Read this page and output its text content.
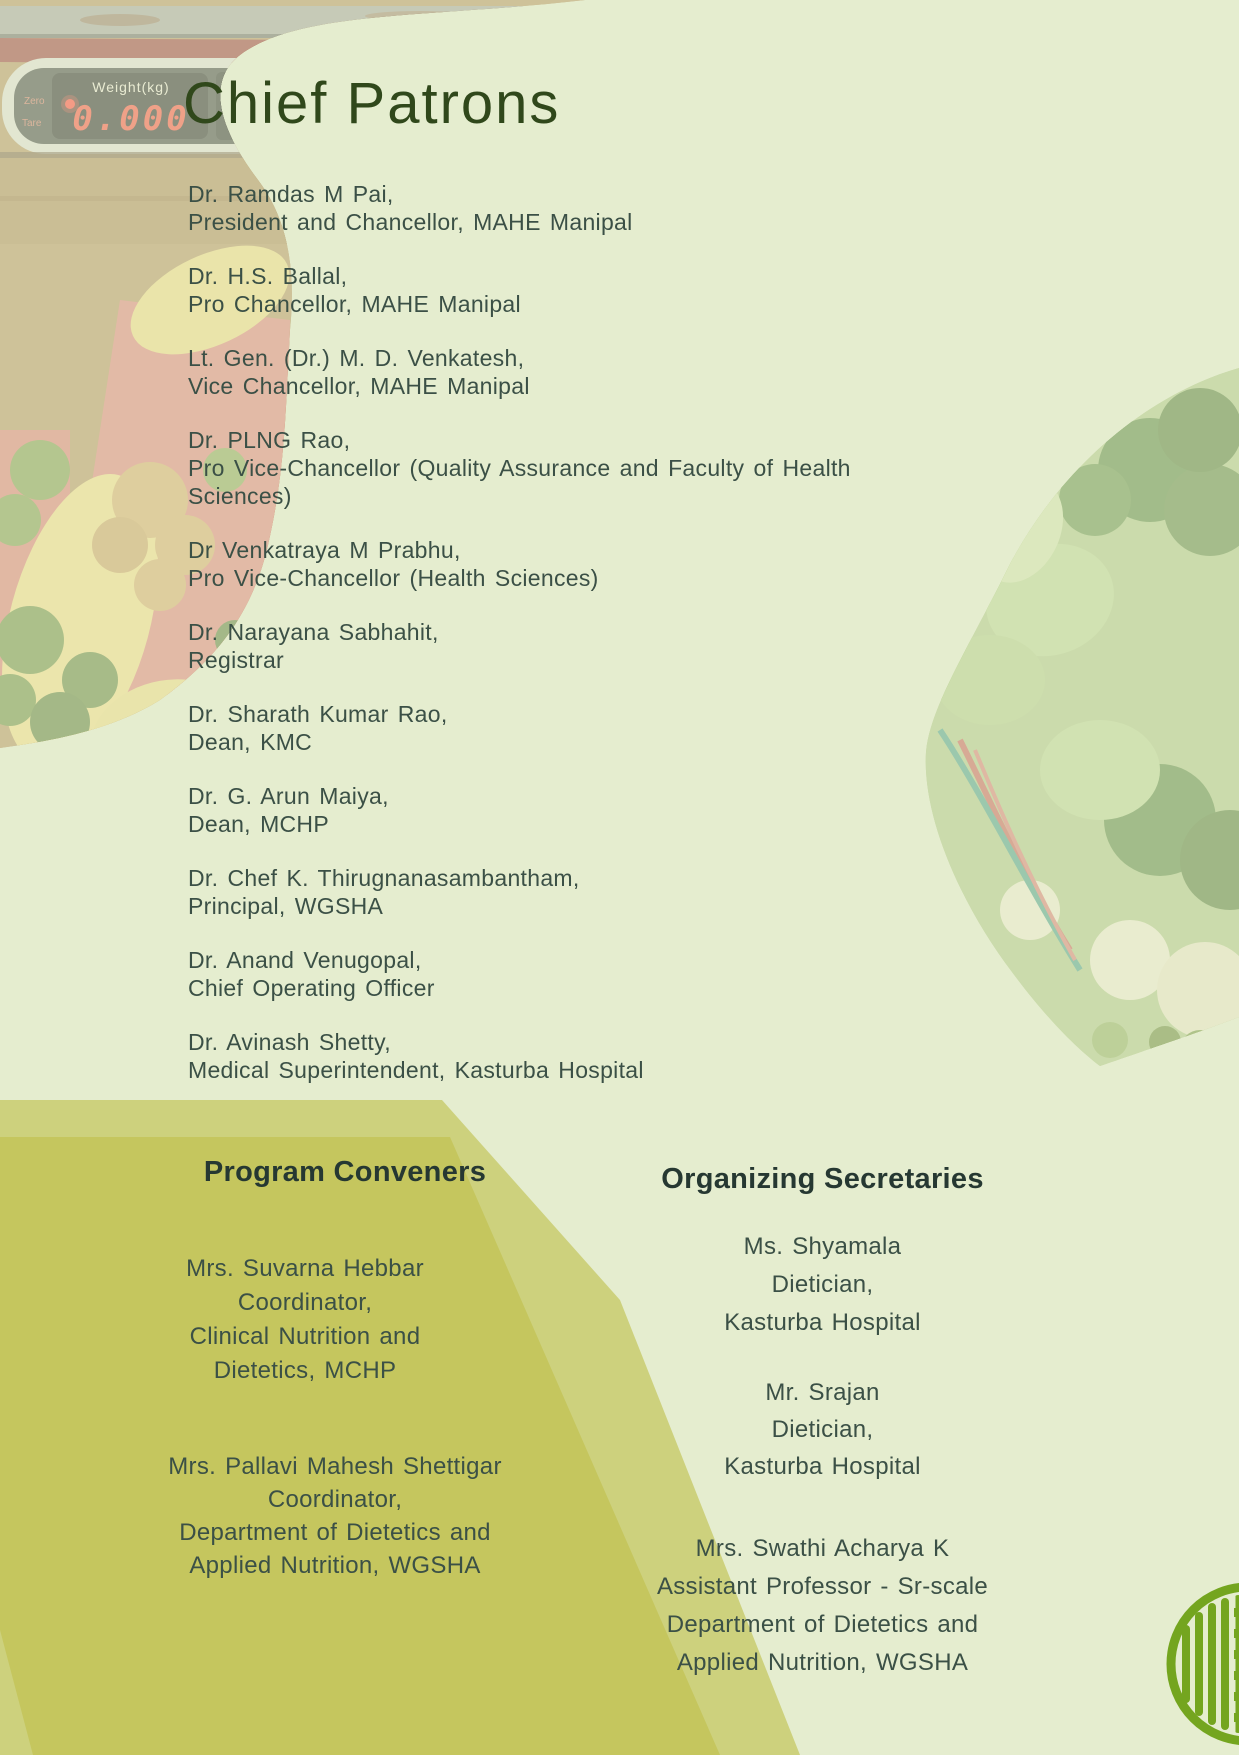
Chief Patrons
Dr. Ramdas M Pai,
President and Chancellor, MAHE Manipal
Dr. H.S. Ballal,
Pro Chancellor, MAHE Manipal
Lt. Gen. (Dr.) M. D. Venkatesh,
Vice Chancellor, MAHE Manipal
Dr. PLNG Rao,
Pro Vice-Chancellor (Quality Assurance and Faculty of Health Sciences)
Dr Venkatraya M Prabhu,
Pro Vice-Chancellor (Health Sciences)
Dr. Narayana Sabhahit,
Registrar
Dr. Sharath Kumar Rao,
Dean, KMC
Dr. G. Arun Maiya,
Dean, MCHP
Dr. Chef K. Thirugnanasambantham,
Principal, WGSHA
Dr. Anand Venugopal,
Chief Operating Officer
Dr. Avinash Shetty,
Medical Superintendent, Kasturba Hospital
Program Conveners
Mrs. Suvarna Hebbar
Coordinator,
Clinical Nutrition and
Dietetics, MCHP
Mrs. Pallavi Mahesh Shettigar
Coordinator,
Department of Dietetics and
Applied Nutrition, WGSHA
Organizing Secretaries
Ms. Shyamala
Dietician,
Kasturba Hospital
Mr. Srajan
Dietician,
Kasturba Hospital
Mrs. Swathi Acharya K
Assistant Professor - Sr-scale
Department of Dietetics and
Applied Nutrition, WGSHA
